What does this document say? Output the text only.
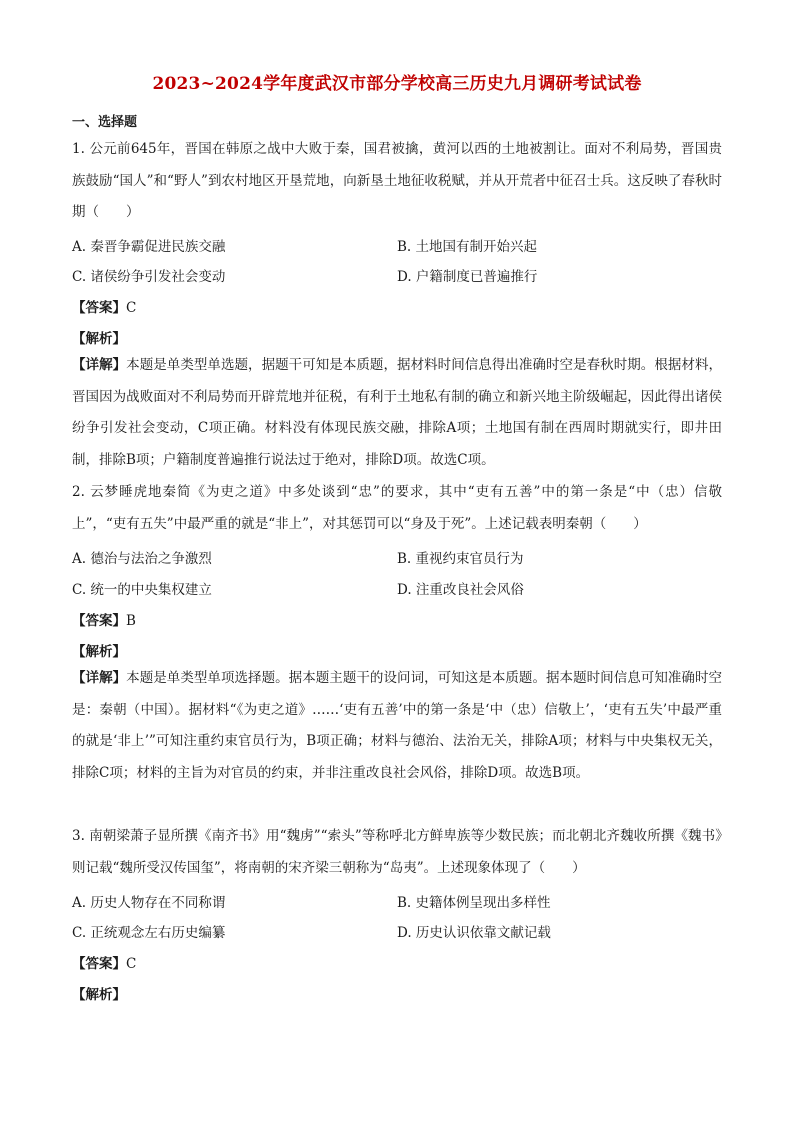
2023~2024学年度武汉市部分学校高三历史九月调研考试试卷
一、选择题

1. 公元前645年，晋国在韩原之战中大败于秦，国君被擒，黄河以西的土地被割让。面对不利局势，晋国贵族鼓励“国人”和“野人”到农村地区开垦荒地，向新垦土地征收税赋，并从开荒者中征召士兵。这反映了春秋时期（　　）

A. 秦晋争霸促进民族交融	B. 土地国有制开始兴起
C. 诸侯纷争引发社会变动	D. 户籍制度已普遍推行
【答案】C
【解析】

【详解】本题是单类型单选题，据题干可知是本质题，据材料时间信息得出准确时空是春秋时期。根据材料，晋国因为战败面对不利局势而开辟荒地并征税，有利于土地私有制的确立和新兴地主阶级崛起，因此得出诸侯纷争引发社会变动，C项正确。材料没有体现民族交融，排除A项；土地国有制在西周时期就实行，即井田制，排除B项；户籍制度普遍推行说法过于绝对，排除D项。故选C项。

2. 云梦睡虎地秦简《为吏之道》中多处谈到“忠”的要求，其中“吏有五善”中的第一条是“中（忠）信敬上”，“吏有五失”中最严重的就是“非上”，对其惩罚可以“身及于死”。上述记载表明秦朝（　　）

A. 德治与法治之争激烈	B. 重视约束官员行为
C. 统一的中央集权建立	D. 注重改良社会风俗
【答案】B
【解析】

【详解】本题是单类型单项选择题。据本题主题干的设问词，可知这是本质题。据本题时间信息可知准确时空是：秦朝（中国）。据材料“《为吏之道》……‘吏有五善’中的第一条是‘中（忠）信敬上’，‘吏有五失’中最严重的就是‘非上’”可知注重约束官员行为，B项正确；材料与德治、法治无关，排除A项；材料与中央集权无关，排除C项；材料的主旨为对官员的约束，并非注重改良社会风俗，排除D项。故选B项。

3. 南朝梁萧子显所撰《南齐书》用“魏虏”“索头”等称呼北方鲜卑族等少数民族；而北朝北齐魏收所撰《魏书》则记载“魏所受汉传国玺”，将南朝的宋齐梁三朝称为“岛夷”。上述现象体现了（　　）

A. 历史人物存在不同称谓	B. 史籍体例呈现出多样性
C. 正统观念左右历史编纂	D. 历史认识依靠文献记载
【答案】C
【解析】
